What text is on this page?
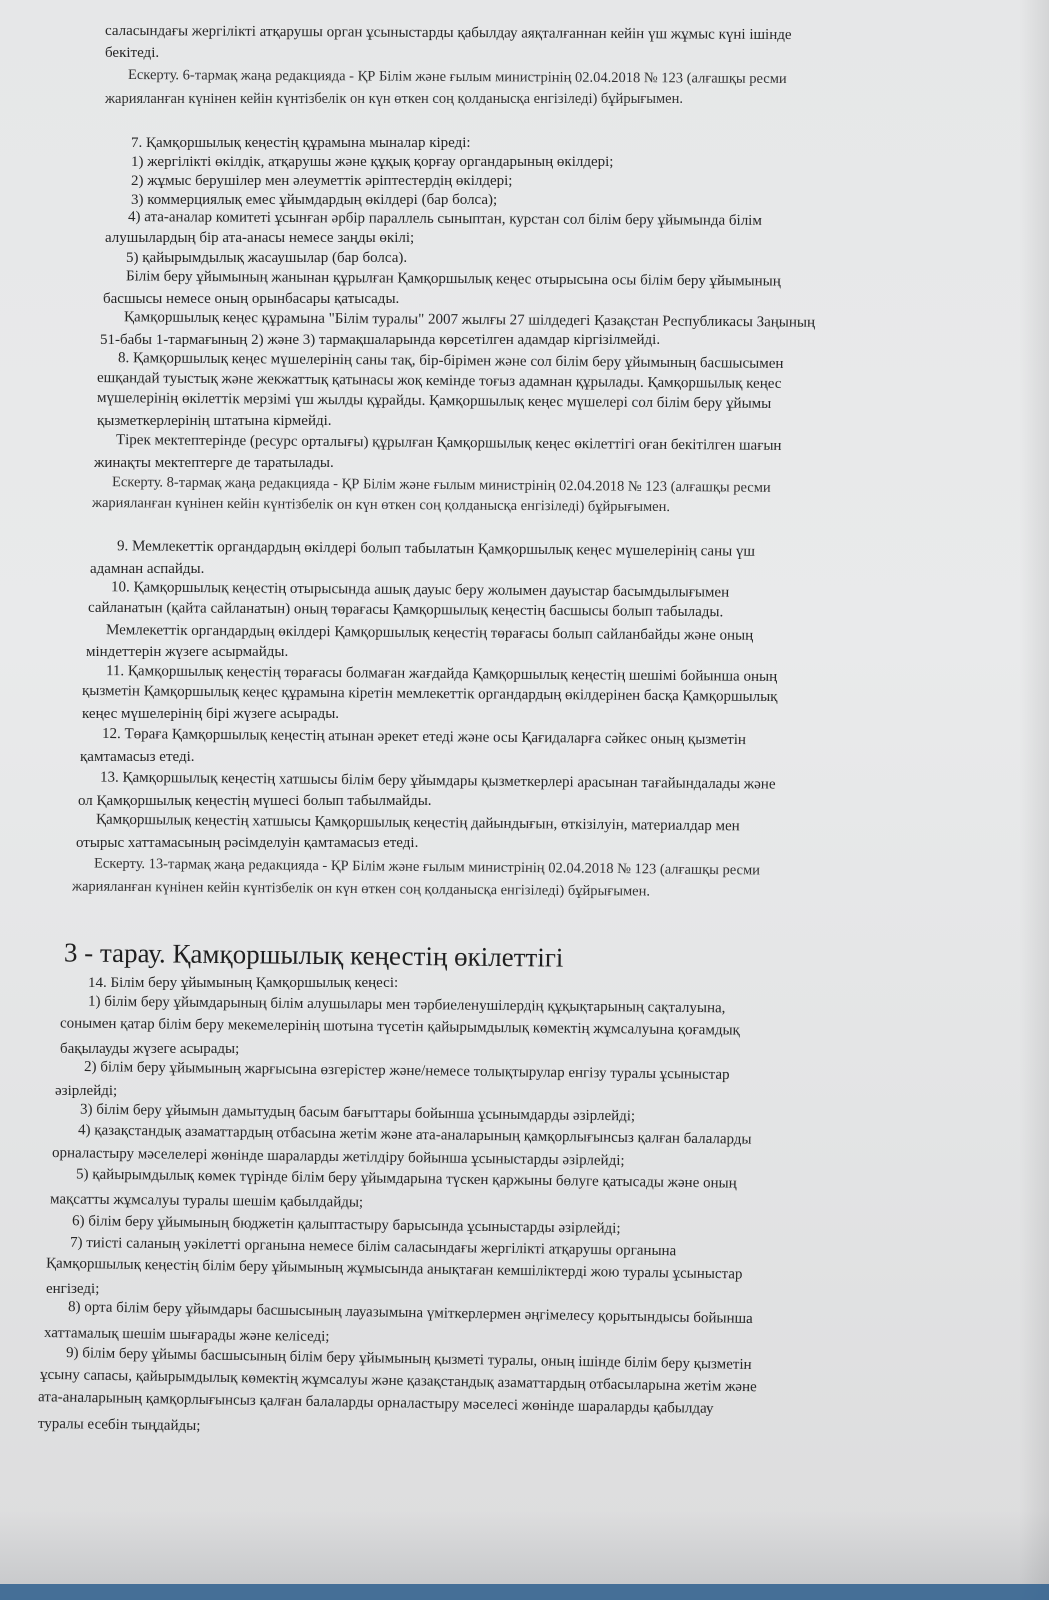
саласындағы жергілікті атқарушы орган ұсыныстарды қабылдау аяқталғаннан кейін үш жұмыс күні ішінде

бекітеді.

Ескерту. 6-тармақ жаңа редакцияда - ҚР Білім және ғылым министрінің 02.04.2018 № 123 (алғашқы ресми

жарияланған күнінен кейін күнтізбелік он күн өткен соң қолданысқа енгізіледі) бұйрығымен.

7. Қамқоршылық кеңестің құрамына мыналар кіреді:

1) жергілікті өкілдік, атқарушы және құқық қорғау органдарының өкілдері;

2) жұмыс берушілер мен әлеуметтік әріптестердің өкілдері;

3) коммерциялық емес ұйымдардың өкілдері (бар болса);

4) ата-аналар комитеті ұсынған әрбір параллель сыныптан, курстан сол білім беру ұйымында білім

алушылардың бір ата-анасы немесе заңды өкілі;

5) қайырымдылық жасаушылар (бар болса).

Білім беру ұйымының жанынан құрылған Қамқоршылық кеңес отырысына осы білім беру ұйымының

басшысы немесе оның орынбасары қатысады.

Қамқоршылық кеңес құрамына "Білім туралы" 2007 жылғы 27 шілдедегі Қазақстан Республикасы Заңының

51-бабы 1-тармағының 2) және 3) тармақшаларында көрсетілген адамдар кіргізілмейді.

8. Қамқоршылық кеңес мүшелерінің саны тақ, бір-бірімен және сол білім беру ұйымының басшысымен

ешқандай туыстық және жекжаттық қатынасы жоқ кемінде тоғыз адамнан құрылады. Қамқоршылық кеңес

мүшелерінің өкілеттік мерзімі үш жылды құрайды. Қамқоршылық кеңес мүшелері сол білім беру ұйымы

қызметкерлерінің штатына кірмейді.

Тірек мектептерінде (ресурс орталығы) құрылған Қамқоршылық кеңес өкілеттігі оған бекітілген шағын

жинақты мектептерге де таратылады.

Ескерту. 8-тармақ жаңа редакцияда - ҚР Білім және ғылым министрінің 02.04.2018 № 123 (алғашқы ресми

жарияланған күнінен кейін күнтізбелік он күн өткен соң қолданысқа енгізіледі) бұйрығымен.

9. Мемлекеттік органдардың өкілдері болып табылатын Қамқоршылық кеңес мүшелерінің саны үш

адамнан аспайды.

10. Қамқоршылық кеңестің отырысында ашық дауыс беру жолымен дауыстар басымдылығымен

сайланатын (қайта сайланатын) оның төрағасы Қамқоршылық кеңестің басшысы болып табылады.

Мемлекеттік органдардың өкілдері Қамқоршылық кеңестің төрағасы болып сайланбайды және оның

міндеттерін жүзеге асырмайды.

11. Қамқоршылық кеңестің төрағасы болмаған жағдайда Қамқоршылық кеңестің шешімі бойынша оның

қызметін Қамқоршылық кеңес құрамына кіретін мемлекеттік органдардың өкілдерінен басқа Қамқоршылық

кеңес мүшелерінің бірі жүзеге асырады.

12. Төраға Қамқоршылық кеңестің атынан әрекет етеді және осы Қағидаларға сәйкес оның қызметін

қамтамасыз етеді.

13. Қамқоршылық кеңестің хатшысы білім беру ұйымдары қызметкерлері арасынан тағайындалады және

ол Қамқоршылық кеңестің мүшесі болып табылмайды.

Қамқоршылық кеңестің хатшысы Қамқоршылық кеңестің дайындығын, өткізілуін, материалдар мен

отырыс хаттамасының рәсімделуін қамтамасыз етеді.

Ескерту. 13-тармақ жаңа редакцияда - ҚР Білім және ғылым министрінің 02.04.2018 № 123 (алғашқы ресми

жарияланған күнінен кейін күнтізбелік он күн өткен соң қолданысқа енгізіледі) бұйрығымен.

3 - тарау. Қамқоршылық кеңестің өкілеттігі

14. Білім беру ұйымының Қамқоршылық кеңесі:

1) білім беру ұйымдарының білім алушылары мен тәрбиеленушілердің құқықтарының сақталуына,

сонымен қатар білім беру мекемелерінің шотына түсетін қайырымдылық көмектің жұмсалуына қоғамдық

бақылауды жүзеге асырады;

2) білім беру ұйымының жарғысына өзгерістер және/немесе толықтырулар енгізу туралы ұсыныстар

әзірлейді;

3) білім беру ұйымын дамытудың басым бағыттары бойынша ұсынымдарды әзірлейді;

4) қазақстандық азаматтардың отбасына жетім және ата-аналарының қамқорлығынсыз қалған балаларды

орналастыру мәселелері жөнінде шараларды жетілдіру бойынша ұсыныстарды әзірлейді;

5) қайырымдылық көмек түрінде білім беру ұйымдарына түскен қаржыны бөлуге қатысады және оның

мақсатты жұмсалуы туралы шешім қабылдайды;

6) білім беру ұйымының бюджетін қалыптастыру барысында ұсыныстарды әзірлейді;

7) тиісті саланың уәкілетті органына немесе білім саласындағы жергілікті атқарушы органына

Қамқоршылық кеңестің білім беру ұйымының жұмысында анықтаған кемшіліктерді жою туралы ұсыныстар

енгізеді;

8) орта білім беру ұйымдары басшысының лауазымына үміткерлермен әңгімелесу қорытындысы бойынша

хаттамалық шешім шығарады және келіседі;

9) білім беру ұйымы басшысының білім беру ұйымының қызметі туралы, оның ішінде білім беру қызметін

ұсыну сапасы, қайырымдылық көмектің жұмсалуы және қазақстандық азаматтардың отбасыларына жетім және

ата-аналарының қамқорлығынсыз қалған балаларды орналастыру мәселесі жөнінде шараларды қабылдау

туралы есебін тыңдайды;
